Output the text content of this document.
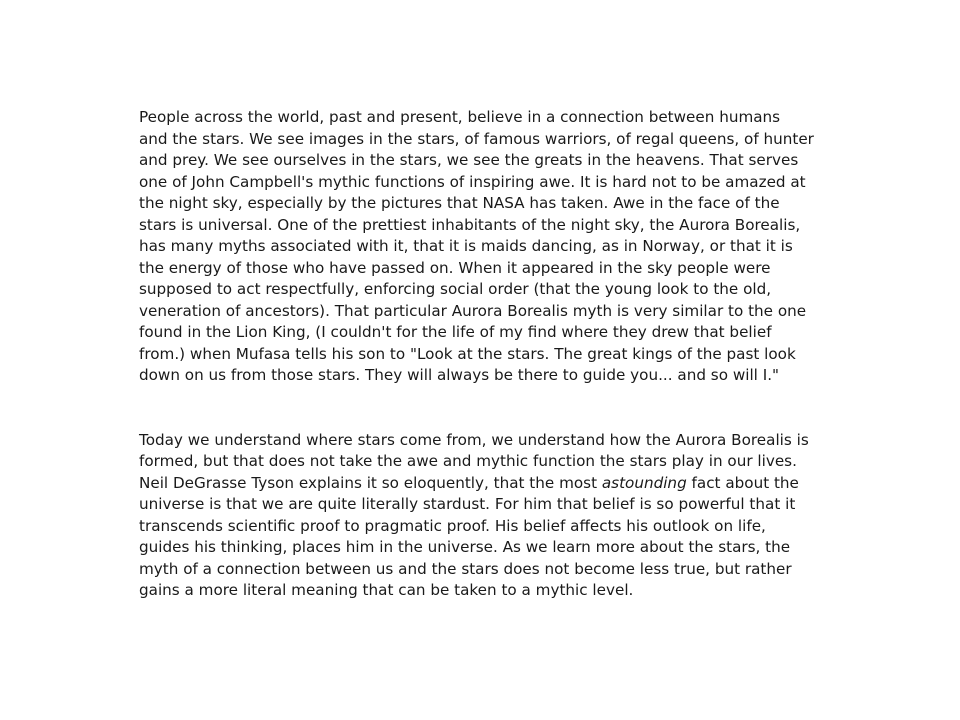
People across the world, past and present, believe in a connection between humans
and the stars. We see images in the stars, of famous warriors, of regal queens, of hunter
and prey. We see ourselves in the stars, we see the greats in the heavens. That serves
one of John Campbell's mythic functions of inspiring awe. It is hard not to be amazed at
the night sky, especially by the pictures that NASA has taken. Awe in the face of the
stars is universal. One of the prettiest inhabitants of the night sky, the Aurora Borealis,
has many myths associated with it, that it is maids dancing, as in Norway, or that it is
the energy of those who have passed on. When it appeared in the sky people were
supposed to act respectfully, enforcing social order (that the young look to the old,
veneration of ancestors). That particular Aurora Borealis myth is very similar to the one
found in the Lion King, (I couldn't for the life of my find where they drew that belief
from.) when Mufasa tells his son to "Look at the stars. The great kings of the past look
down on us from those stars. They will always be there to guide you... and so will I."

Today we understand where stars come from, we understand how the Aurora Borealis is
formed, but that does not take the awe and mythic function the stars play in our lives.
Neil DeGrasse Tyson explains it so eloquently, that the most astounding fact about the
universe is that we are quite literally stardust. For him that belief is so powerful that it
transcends scientific proof to pragmatic proof. His belief affects his outlook on life,
guides his thinking, places him in the universe. As we learn more about the stars, the
myth of a connection between us and the stars does not become less true, but rather
gains a more literal meaning that can be taken to a mythic level.
